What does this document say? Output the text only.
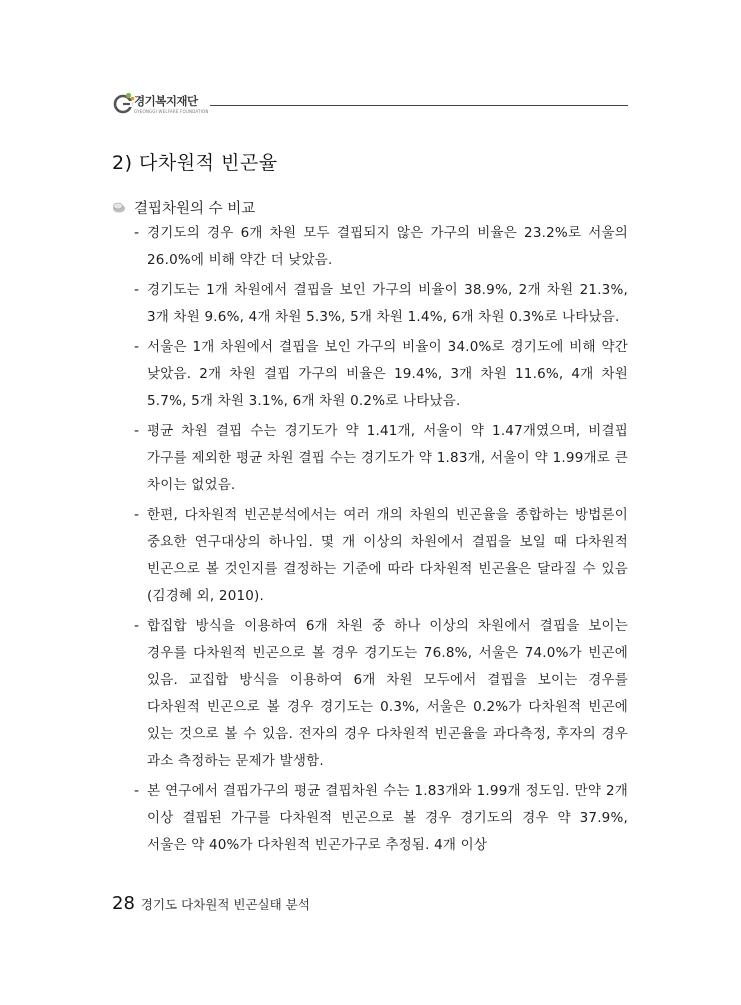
경기복지재단
GYEONGGI WELFARE FOUNDATION
2) 다차원적 빈곤율
결핍차원의 수 비교
- 경기도의 경우 6개 차원 모두 결핍되지 않은 가구의 비율은 23.2%로 서울의 26.0%에 비해 약간 더 낮았음.
- 경기도는 1개 차원에서 결핍을 보인 가구의 비율이 38.9%, 2개 차원 21.3%, 3개 차원 9.6%, 4개 차원 5.3%, 5개 차원 1.4%, 6개 차원 0.3%로 나타났음.
- 서울은 1개 차원에서 결핍을 보인 가구의 비율이 34.0%로 경기도에 비해 약간 낮았음. 2개 차원 결핍 가구의 비율은 19.4%, 3개 차원 11.6%, 4개 차원 5.7%, 5개 차원 3.1%, 6개 차원 0.2%로 나타났음.
- 평균 차원 결핍 수는 경기도가 약 1.41개, 서울이 약 1.47개였으며, 비결핍 가구를 제외한 평균 차원 결핍 수는 경기도가 약 1.83개, 서울이 약 1.99개로 큰 차이는 없었음.
- 한편, 다차원적 빈곤분석에서는 여러 개의 차원의 빈곤율을 종합하는 방법론이 중요한 연구대상의 하나임. 몇 개 이상의 차원에서 결핍을 보일 때 다차원적 빈곤으로 볼 것인지를 결정하는 기준에 따라 다차원적 빈곤율은 달라질 수 있음(김경혜 외, 2010).
- 합집합 방식을 이용하여 6개 차원 중 하나 이상의 차원에서 결핍을 보이는 경우를 다차원적 빈곤으로 볼 경우 경기도는 76.8%, 서울은 74.0%가 빈곤에 있음. 교집합 방식을 이용하여 6개 차원 모두에서 결핍을 보이는 경우를 다차원적 빈곤으로 볼 경우 경기도는 0.3%, 서울은 0.2%가 다차원적 빈곤에 있는 것으로 볼 수 있음. 전자의 경우 다차원적 빈곤율을 과다측정, 후자의 경우 과소 측정하는 문제가 발생함.
- 본 연구에서 결핍가구의 평균 결핍차원 수는 1.83개와 1.99개 정도임. 만약 2개 이상 결핍된 가구를 다차원적 빈곤으로 볼 경우 경기도의 경우 약 37.9%, 서울은 약 40%가 다차원적 빈곤가구로 추정됨. 4개 이상
28 경기도 다차원적 빈곤실태 분석
